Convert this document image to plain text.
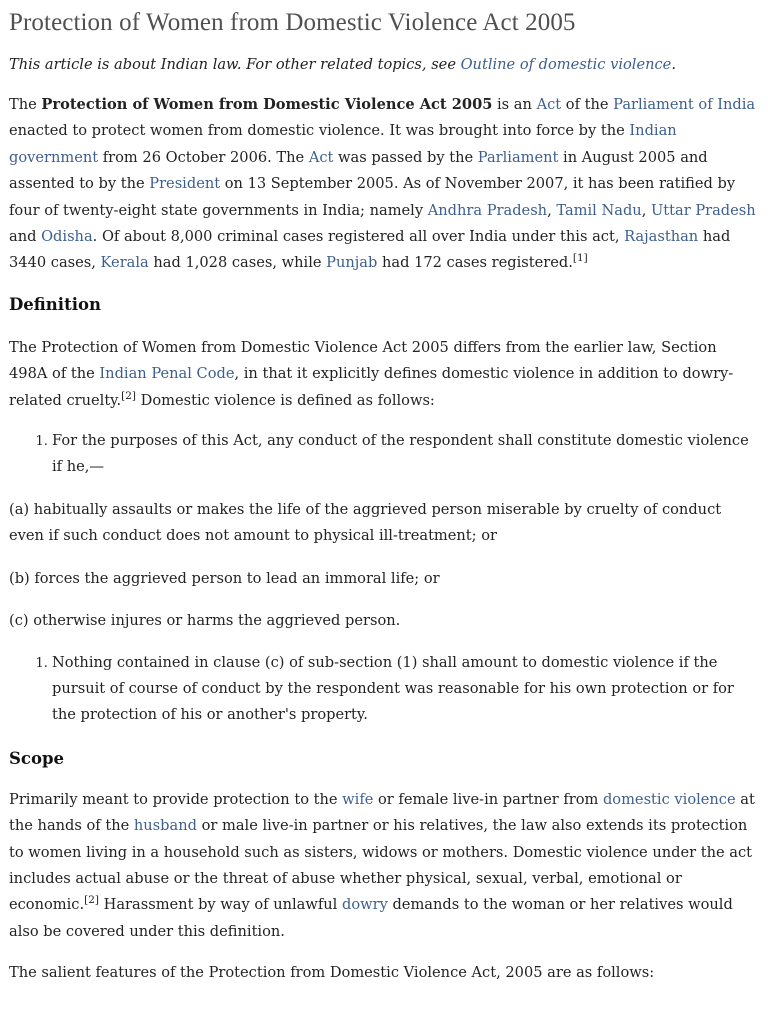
Protection of Women from Domestic Violence Act 2005

This article is about Indian law. For other related topics, see Outline of domestic violence.

The Protection of Women from Domestic Violence Act 2005 is an Act of the Parliament of India enacted to protect women from domestic violence. It was brought into force by the Indian government from 26 October 2006. The Act was passed by the Parliament in August 2005 and assented to by the President on 13 September 2005. As of November 2007, it has been ratified by four of twenty-eight state governments in India; namely Andhra Pradesh, Tamil Nadu, Uttar Pradesh and Odisha. Of about 8,000 criminal cases registered all over India under this act, Rajasthan had 3440 cases, Kerala had 1,028 cases, while Punjab had 172 cases registered.[1]

Definition

The Protection of Women from Domestic Violence Act 2005 differs from the earlier law, Section 498A of the Indian Penal Code, in that it explicitly defines domestic violence in addition to dowry-related cruelty.[2] Domestic violence is defined as follows:

1. For the purposes of this Act, any conduct of the respondent shall constitute domestic violence if he,—

(a) habitually assaults or makes the life of the aggrieved person miserable by cruelty of conduct even if such conduct does not amount to physical ill-treatment; or

(b) forces the aggrieved person to lead an immoral life; or

(c) otherwise injures or harms the aggrieved person.

1. Nothing contained in clause (c) of sub-section (1) shall amount to domestic violence if the pursuit of course of conduct by the respondent was reasonable for his own protection or for the protection of his or another's property.
Scope

Primarily meant to provide protection to the wife or female live-in partner from domestic violence at the hands of the husband or male live-in partner or his relatives, the law also extends its protection to women living in a household such as sisters, widows or mothers. Domestic violence under the act includes actual abuse or the threat of abuse whether physical, sexual, verbal, emotional or economic.[2] Harassment by way of unlawful dowry demands to the woman or her relatives would also be covered under this definition.

The salient features of the Protection from Domestic Violence Act, 2005 are as follows:
